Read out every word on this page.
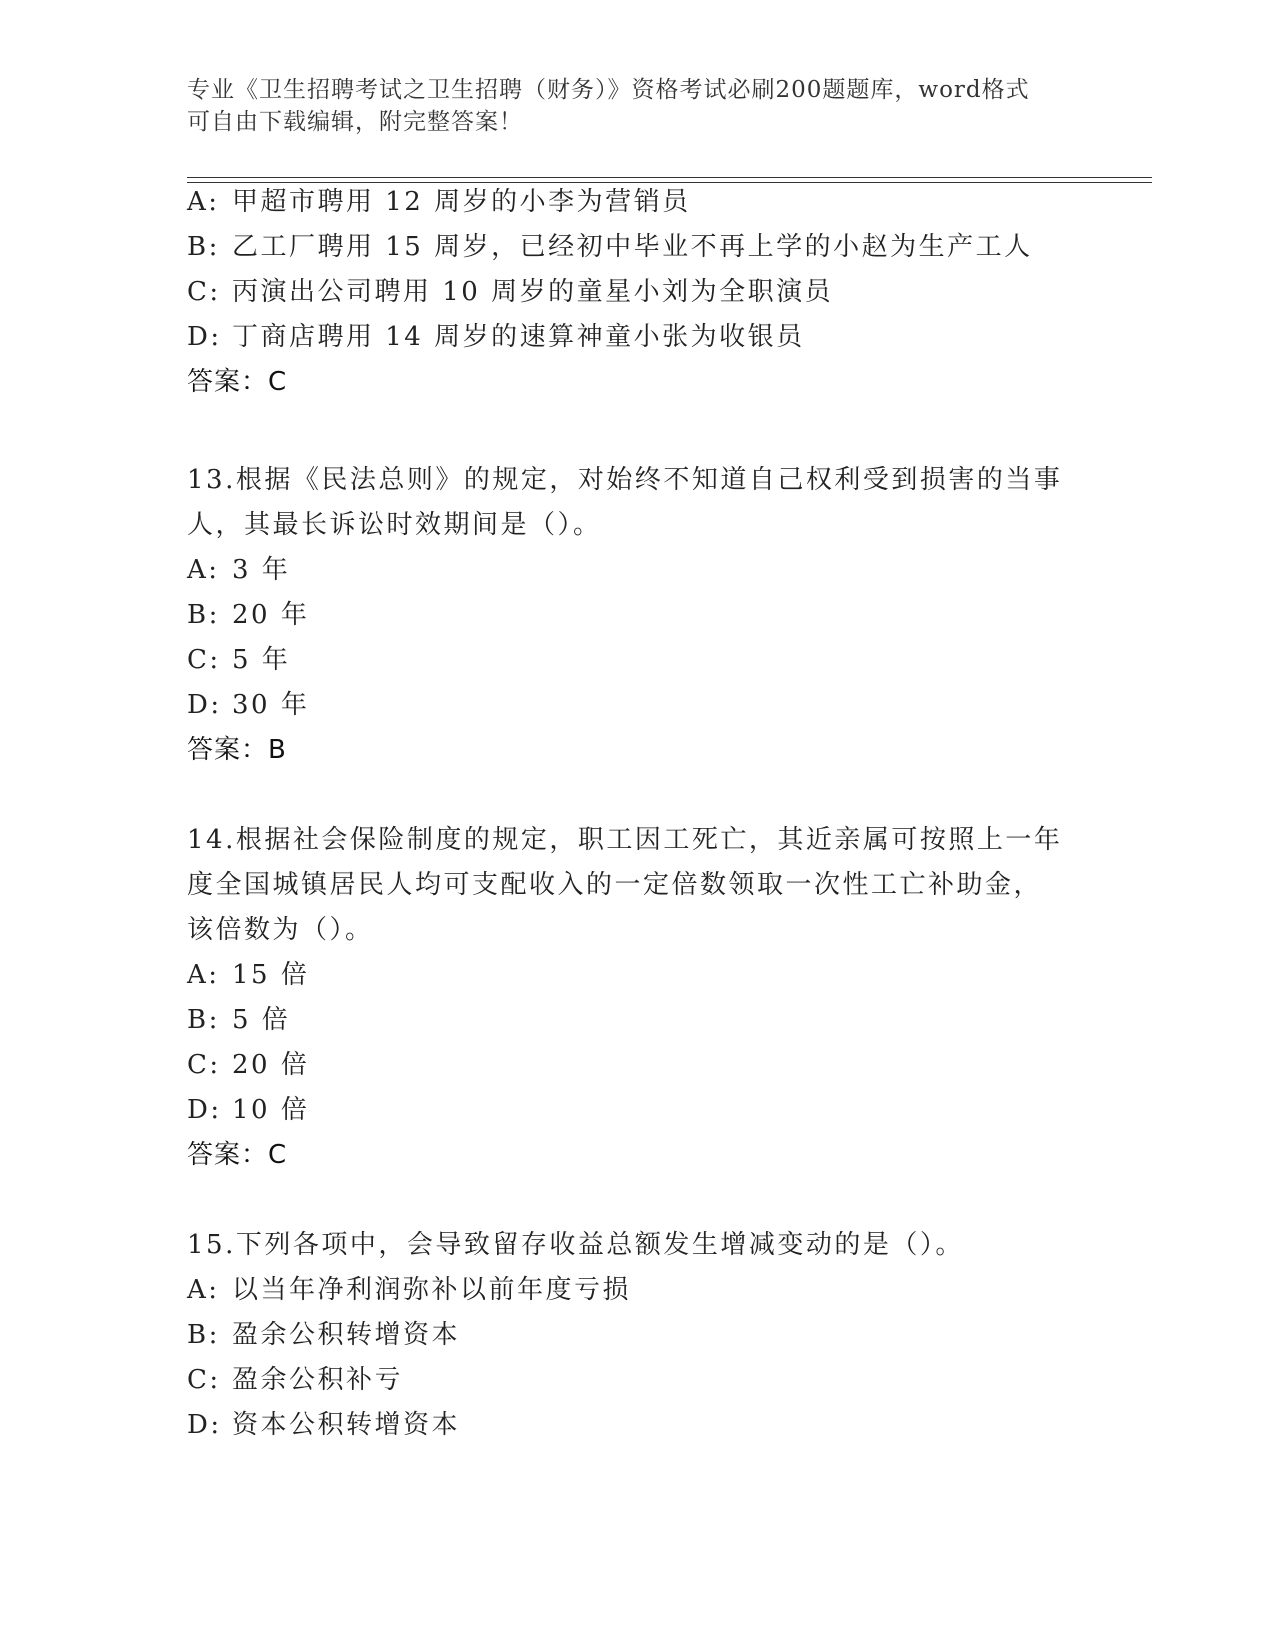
专业《卫生招聘考试之卫生招聘（财务）》资格考试必刷200题题库，word格式
可自由下载编辑，附完整答案！
A: 甲超市聘用 12 周岁的小李为营销员
B: 乙工厂聘用 15 周岁，已经初中毕业不再上学的小赵为生产工人
C: 丙演出公司聘用 10 周岁的童星小刘为全职演员
D: 丁商店聘用 14 周岁的速算神童小张为收银员
答案：C
13.根据《民法总则》的规定，对始终不知道自己权利受到损害的当事
人，其最长诉讼时效期间是（）。
A: 3 年
B: 20 年
C: 5 年
D: 30 年
答案：B
14.根据社会保险制度的规定，职工因工死亡，其近亲属可按照上一年
度全国城镇居民人均可支配收入的一定倍数领取一次性工亡补助金，
该倍数为（）。
A: 15 倍
B: 5 倍
C: 20 倍
D: 10 倍
答案：C
15.下列各项中，会导致留存收益总额发生增减变动的是（）。
A: 以当年净利润弥补以前年度亏损
B: 盈余公积转增资本
C: 盈余公积补亏
D: 资本公积转增资本
